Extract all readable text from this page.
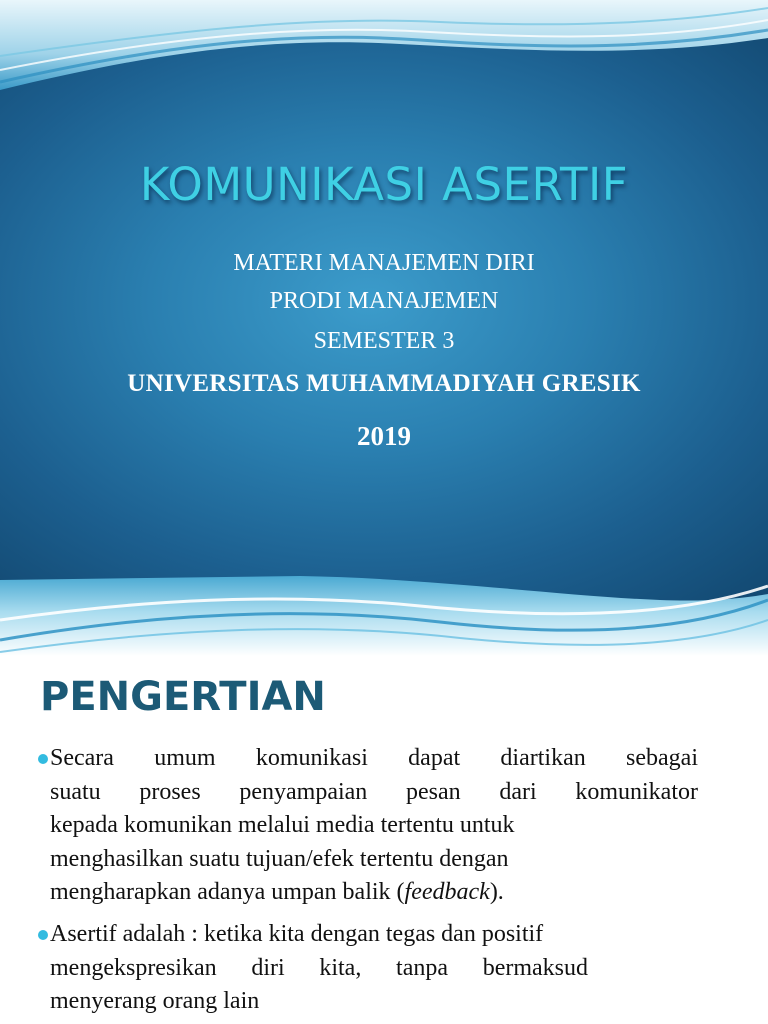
KOMUNIKASI ASERTIF
MATERI MANAJEMEN DIRI
PRODI MANAJEMEN
SEMESTER 3
UNIVERSITAS MUHAMMADIYAH GRESIK
2019
PENGERTIAN
Secara umum komunikasi dapat diartikan sebagai
suatu proses penyampaian pesan dari komunikator
kepada komunikan melalui media tertentu untuk
menghasilkan suatu tujuan/efek tertentu dengan
mengharapkan adanya umpan balik (feedback).
Asertif adalah : ketika kita dengan tegas dan positif
mengekspresikan diri kita, tanpa bermaksud
menyerang orang lain
